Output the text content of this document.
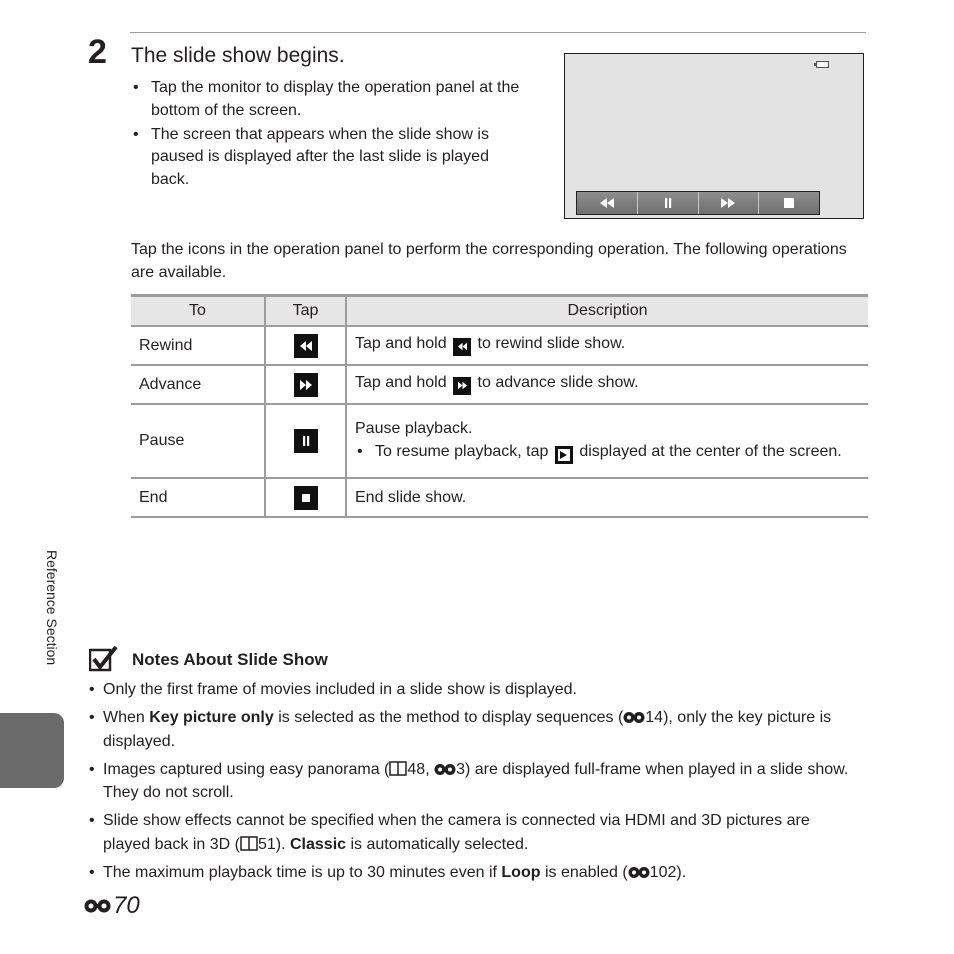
2 The slide show begins.
• Tap the monitor to display the operation panel at the bottom of the screen.
• The screen that appears when the slide show is paused is displayed after the last slide is played back.
Tap the icons in the operation panel to perform the corresponding operation. The following operations are available.
To	Tap	Description
Rewind		Tap and hold to rewind slide show.
Advance		Tap and hold to advance slide show.
Pause		Pause playback.
• To resume playback, tap displayed at the center of the screen.

End		End slide show.
Reference Section	Notes About Slide Show
• Only the first frame of movies included in a slide show is displayed.
• When Key picture only is selected as the method to display sequences ( 14), only the key picture is displayed.
• Images captured using easy panorama ( 48, 3) are displayed full-frame when played in a slide show. They do not scroll.
• Slide show effects cannot be specified when the camera is connected via HDMI and 3D pictures are played back in 3D ( 51). Classic is automatically selected.
• The maximum playback time is up to 30 minutes even if Loop is enabled ( 102).
70
